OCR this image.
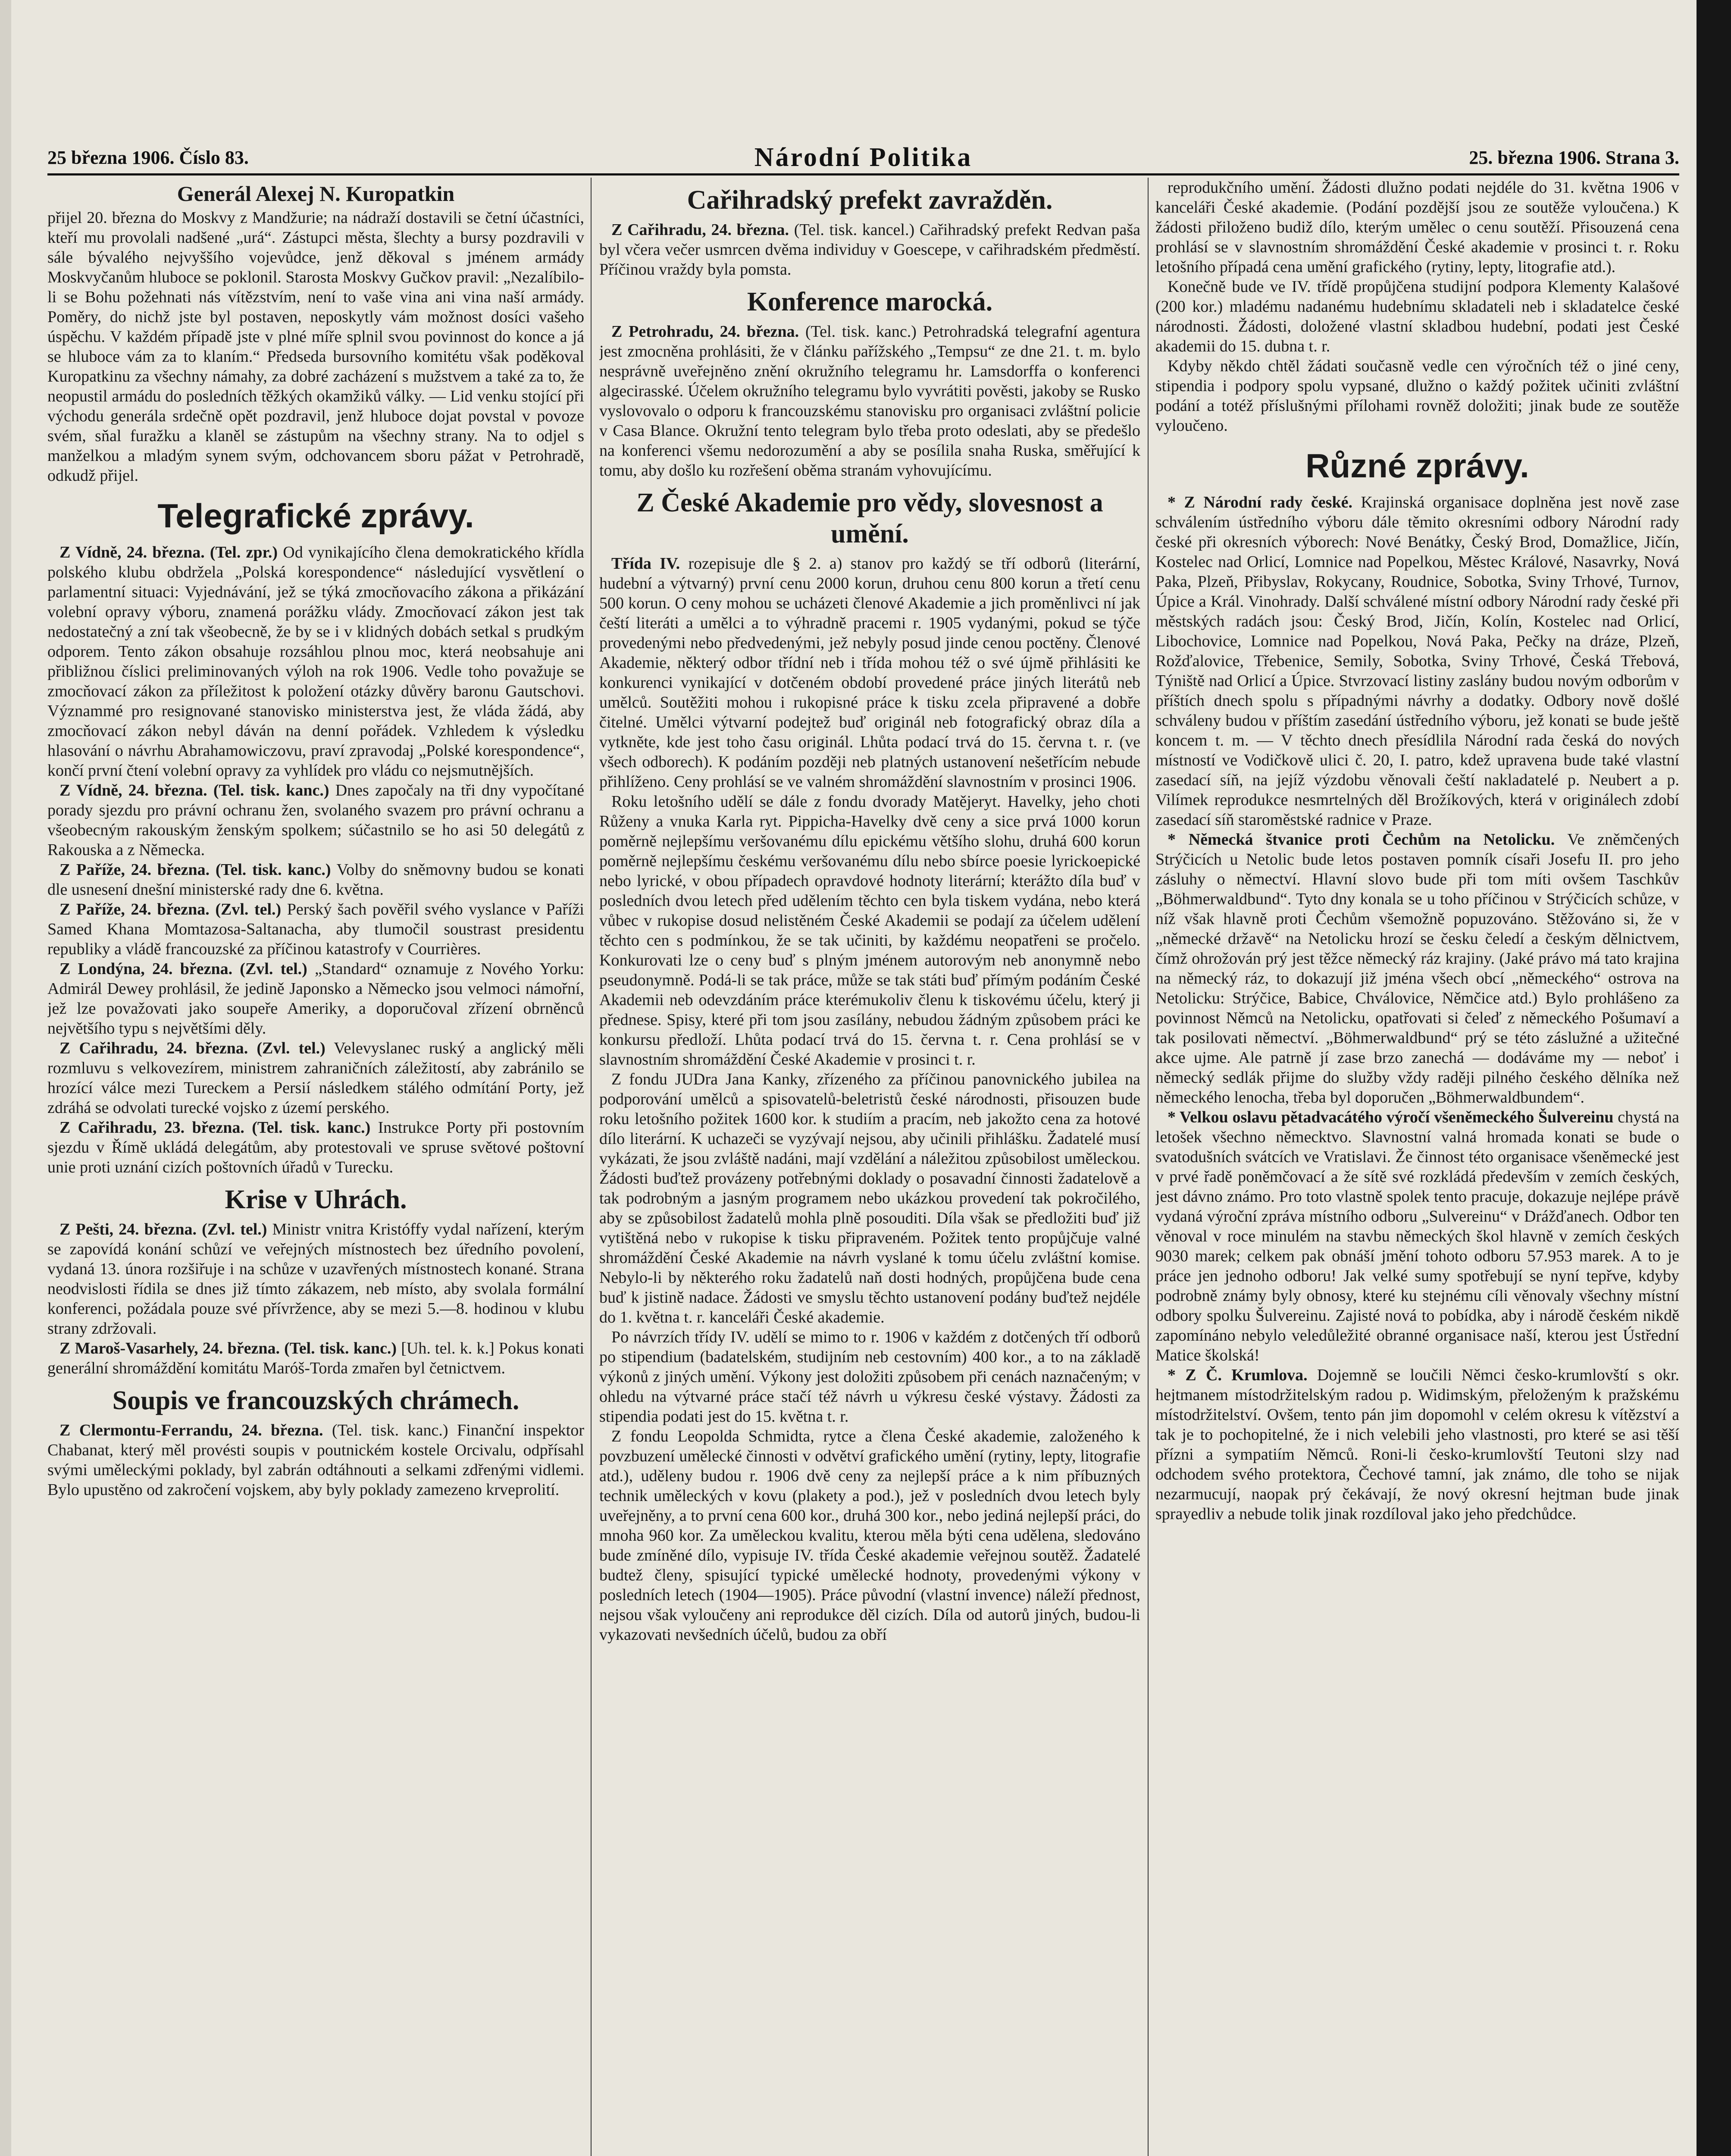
25 března 1906. Číslo 83.	Národní Politika	25. března 1906. Strana 3.
Generál Alexej N. Kuropatkin

přijel 20. března do Moskvy z Mandžurie; na nádraží dostavili se četní účastníci, kteří mu provolali nadšené „urá“. Zástupci města, šlechty a bursy pozdravili v sále bývalého nejvyššího vojevůdce, jenž děkoval s jménem armády Moskvyčanům hluboce se poklonil. Starosta Moskvy Gučkov pravil: „Nezalíbilo-li se Bohu požehnati nás vítězstvím, není to vaše vina ani vina naší armády. Poměry, do nichž jste byl postaven, neposkytly vám možnost dosíci vašeho úspěchu. V každém případě jste v plné míře splnil svou povinnost do konce a já se hluboce vám za to klaním.“ Předseda bursovního komitétu však poděkoval Kuropatkinu za všechny námahy, za dobré zacházení s mužstvem a také za to, že neopustil armádu do posledních těžkých okamžiků války. — Lid venku stojící při východu generála srdečně opět pozdravil, jenž hluboce dojat povstal v povoze svém, sňal furažku a klaněl se zástupům na všechny strany. Na to odjel s manželkou a mladým synem svým, odchovancem sboru pážat v Petrohradě, odkudž přijel.

Telegrafické zprávy.

Z Vídně, 24. března. (Tel. zpr.) Od vynikajícího člena demokratického křídla polského klubu obdržela „Polská korespondence“ následující vysvětlení o parlamentní situaci: Vyjednávání, jež se týká zmocňovacího zákona a přikázání volební opravy výboru, znamená porážku vlády. Zmocňovací zákon jest tak nedostatečný a zní tak všeobecně, že by se i v klidných dobách setkal s prudkým odporem. Tento zákon obsahuje rozsáhlou plnou moc, která neobsahuje ani přibližnou číslici preliminovaných výloh na rok 1906. Vedle toho považuje se zmocňovací zákon za příležitost k položení otázky důvěry baronu Gautschovi. Význammé pro resignované stanovisko ministerstva jest, že vláda žádá, aby zmocňovací zákon nebyl dáván na denní pořádek. Vzhledem k výsledku hlasování o návrhu Abrahamowiczovu, praví zpravodaj „Polské korespondence“, končí první čtení volební opravy za vyhlídek pro vládu co nejsmutnějších.

Z Vídně, 24. března. (Tel. tisk. kanc.) Dnes započaly na tři dny vypočítané porady sjezdu pro právní ochranu žen, svolaného svazem pro právní ochranu a všeobecným rakouským ženským spolkem; súčastnilo se ho asi 50 delegátů z Rakouska a z Německa.

Z Paříže, 24. března. (Tel. tisk. kanc.) Volby do sněmovny budou se konati dle usnesení dnešní ministerské rady dne 6. května.

Z Paříže, 24. března. (Zvl. tel.) Perský šach pověřil svého vyslance v Paříži Samed Khana Momtazosa-Saltanacha, aby tlumočil soustrast presidentu republiky a vládě francouzské za příčinou katastrofy v Courrières.

Z Londýna, 24. března. (Zvl. tel.) „Standard“ oznamuje z Nového Yorku: Admirál Dewey prohlásil, že jedině Japonsko a Německo jsou velmoci námořní, jež lze považovati jako soupeře Ameriky, a doporučoval zřízení obrněnců největšího typu s největšími děly.

Z Cařihradu, 24. března. (Zvl. tel.) Velevyslanec ruský a anglický měli rozmluvu s velkovezírem, ministrem zahraničních záležitostí, aby zabránilo se hrozící válce mezi Tureckem a Persií následkem stálého odmítání Porty, jež zdráhá se odvolati turecké vojsko z území perského.

Z Cařihradu, 23. března. (Tel. tisk. kanc.) Instrukce Porty při postovním sjezdu v Římě ukládá delegátům, aby protestovali ve spruse světové poštovní unie proti uznání cizích poštovních úřadů v Turecku.

Krise v Uhrách.

Z Pešti, 24. března. (Zvl. tel.) Ministr vnitra Kristóffy vydal nařízení, kterým se zapovídá konání schůzí ve veřejných místnostech bez úředního povolení, vydaná 13. února rozšiřuje i na schůze v uzavřených místnostech konané. Strana neodvislosti řídila se dnes již tímto zákazem, neb místo, aby svolala formální konferenci, požádala pouze své přívržence, aby se mezi 5.—8. hodinou v klubu strany zdržovali.

Z Maroš-Vasarhely, 24. března. (Tel. tisk. kanc.) [Uh. tel. k. k.] Pokus konati generální shromáždění komitátu Maróš-Torda zmařen byl četnictvem.

Soupis ve francouzských chrámech.

Z Clermontu-Ferrandu, 24. března. (Tel. tisk. kanc.) Finanční inspektor Chabanat, který měl provésti soupis v poutnickém kostele Orcivalu, odpřísahl svými uměleckými poklady, byl zabrán odtáhnouti a selkami zdřenými vidlemi. Bylo upustěno od zakročení vojskem, aby byly poklady zamezeno krveprolití.

Cařihradský prefekt zavražděn.

Z Cařihradu, 24. března. (Tel. tisk. kancel.) Cařihradský prefekt Redvan paša byl včera večer usmrcen dvěma individuy v Goescepe, v cařihradském předměstí. Příčinou vraždy byla pomsta.

Konference marocká.

Z Petrohradu, 24. března. (Tel. tisk. kanc.) Petrohradská telegrafní agentura jest zmocněna prohlásiti, že v článku pařížského „Tempsu“ ze dne 21. t. m. bylo nesprávně uveřejněno znění okružního telegramu hr. Lamsdorffa o konferenci algecirasské. Účelem okružního telegramu bylo vyvrátiti pověsti, jakoby se Rusko vyslovovalo o odporu k francouzskému stanovisku pro organisaci zvláštní policie v Casa Blance. Okružní tento telegram bylo třeba proto odeslati, aby se předešlo na konferenci všemu nedorozumění a aby se posílila snaha Ruska, směřující k tomu, aby došlo ku rozřešení oběma stranám vyhovujícímu.

Z České Akademie pro vědy, slovesnost a umění.

Třída IV. rozepisuje dle § 2. a) stanov pro každý se tří odborů (literární, hudební a výtvarný) první cenu 2000 korun, druhou cenu 800 korun a třetí cenu 500 korun. O ceny mohou se ucházeti členové Akademie a jich proměnlivci ní jak čeští literáti a umělci a to výhradně pracemi r. 1905 vydanými, pokud se týče provedenými nebo předvedenými, jež nebyly posud jinde cenou poctěny. Členové Akademie, některý odbor třídní neb i třída mohou též o své újmě přihlásiti ke konkurenci vynikající v dotčeném období provedené práce jiných literátů neb umělců. Soutěžiti mohou i rukopisné práce k tisku zcela připravené a dobře čitelné. Umělci výtvarní podejtež buď originál neb fotografický obraz díla a vytkněte, kde jest toho času originál. Lhůta podací trvá do 15. června t. r. (ve všech odborech). K podáním později neb platných ustanovení nešetřícím nebude přihlíženo. Ceny prohlásí se ve valném shromáždění slavnostním v prosinci 1906.

Roku letošního udělí se dále z fondu dvorady Matějeryt. Havelky, jeho choti Růženy a vnuka Karla ryt. Pippicha-Havelky dvě ceny a sice prvá 1000 korun poměrně nejlepšímu veršovanému dílu epickému většího slohu, druhá 600 korun poměrně nejlepšímu českému veršovanému dílu nebo sbírce poesie lyrickoepické nebo lyrické, v obou případech opravdové hodnoty literární; kterážto díla buď v posledních dvou letech před udělením těchto cen byla tiskem vydána, nebo která vůbec v rukopise dosud nelistěném České Akademii se podají za účelem udělení těchto cen s podmínkou, že se tak učiniti, by každému neopatřeni se pročelo. Konkurovati lze o ceny buď s plným jménem autorovým neb anonymně nebo pseudonymně. Podá-li se tak práce, může se tak státi buď přímým podáním České Akademii neb odevzdáním práce kterémukoliv členu k tiskovému účelu, který ji přednese. Spisy, které při tom jsou zasílány, nebudou žádným způsobem práci ke konkursu předloží. Lhůta podací trvá do 15. června t. r. Cena prohlásí se v slavnostním shromáždění České Akademie v prosinci t. r.

Z fondu JUDra Jana Kanky, zřízeného za příčinou panovnického jubilea na podporování umělců a spisovatelů-beletristů české národnosti, přisouzen bude roku letošního požitek 1600 kor. k studiím a pracím, neb jakožto cena za hotové dílo literární. K uchazeči se vyzývají nejsou, aby učinili přihlášku. Žadatelé musí vykázati, že jsou zvláště nadáni, mají vzdělání a náležitou způsobilost uměleckou. Žádosti buďtež provázeny potřebnými doklady o posavadní činnosti žadatelově a tak podrobným a jasným programem nebo ukázkou provedení tak pokročilého, aby se způsobilost žadatelů mohla plně posouditi. Díla však se předložiti buď již vytištěná nebo v rukopise k tisku připraveném. Požitek tento propůjčuje valné shromáždění České Akademie na návrh vyslané k tomu účelu zvláštní komise. Nebylo-li by některého roku žadatelů naň dosti hodných, propůjčena bude cena buď k jistině nadace. Žádosti ve smyslu těchto ustanovení podány buďtež nejdéle do 1. května t. r. kanceláři České akademie.

Po návrzích třídy IV. udělí se mimo to r. 1906 v každém z dotčených tří odborů po stipendium (badatelském, studijním neb cestovním) 400 kor., a to na základě výkonů z jiných umění. Výkony jest doložiti způsobem při cenách naznačeným; v ohledu na výtvarné práce stačí též návrh u výkresu české výstavy. Žádosti za stipendia podati jest do 15. května t. r.

Z fondu Leopolda Schmidta, rytce a člena České akademie, založeného k povzbuzení umělecké činnosti v odvětví grafického umění (rytiny, lepty, litografie atd.), uděleny budou r. 1906 dvě ceny za nejlepší práce a k nim příbuzných technik uměleckých v kovu (plakety a pod.), jež v posledních dvou letech byly uveřejněny, a to první cena 600 kor., druhá 300 kor., nebo jediná nejlepší práci, do mnoha 960 kor. Za uměleckou kvalitu, kterou měla býti cena udělena, sledováno bude zmíněné dílo, vypisuje IV. třída České akademie veřejnou soutěž. Žadatelé budtež členy, spisující typické umělecké hodnoty, provedenými výkony v posledních letech (1904—1905). Práce původní (vlastní invence) náleží přednost, nejsou však vyloučeny ani reprodukce děl cizích. Díla od autorů jiných, budou-li vykazovati nevšedních účelů, budou za obří

reprodukčního umění. Žádosti dlužno podati nejdéle do 31. května 1906 v kanceláři České akademie. (Podání pozdější jsou ze soutěže vyloučena.) K žádosti přiloženo budiž dílo, kterým umělec o cenu soutěží. Přisouzená cena prohlásí se v slavnostním shromáždění České akademie v prosinci t. r. Roku letošního případá cena umění grafického (rytiny, lepty, litografie atd.).

Konečně bude ve IV. třídě propůjčena studijní podpora Klementy Kalašové (200 kor.) mladému nadanému hudebnímu skladateli neb i skladatelce české národnosti. Žádosti, doložené vlastní skladbou hudební, podati jest České akademii do 15. dubna t. r.

Kdyby někdo chtěl žádati současně vedle cen výročních též o jiné ceny, stipendia i podpory spolu vypsané, dlužno o každý požitek učiniti zvláštní podání a totéž příslušnými přílohami rovněž doložiti; jinak bude ze soutěže vyloučeno.

Různé zprávy.

* Z Národní rady české. Krajinská organisace doplněna jest nově zase schválením ústředního výboru dále těmito okresními odbory Národní rady české při okresních výborech: Nové Benátky, Český Brod, Domažlice, Jičín, Kostelec nad Orlicí, Lomnice nad Popelkou, Městec Králové, Nasavrky, Nová Paka, Plzeň, Přibyslav, Rokycany, Roudnice, Sobotka, Sviny Trhové, Turnov, Úpice a Král. Vinohrady. Další schválené místní odbory Národní rady české při městských radách jsou: Český Brod, Jičín, Kolín, Kostelec nad Orlicí, Libochovice, Lomnice nad Popelkou, Nová Paka, Pečky na dráze, Plzeň, Rožďalovice, Třebenice, Semily, Sobotka, Sviny Trhové, Česká Třebová, Týniště nad Orlicí a Úpice. Stvrzovací listiny zaslány budou novým odborům v příštích dnech spolu s případnými návrhy a dodatky. Odbory nově došlé schváleny budou v příštím zasedání ústředního výboru, jež konati se bude ještě koncem t. m. — V těchto dnech přesídlila Národní rada česká do nových místností ve Vodičkově ulici č. 20, I. patro, kdež upravena bude také vlastní zasedací síň, na jejíž výzdobu věnovali čeští nakladatelé p. Neubert a p. Vilímek reprodukce nesmrtelných děl Brožíkových, která v originálech zdobí zasedací síň staroměstské radnice v Praze.

* Německá štvanice proti Čechům na Netolicku. Ve zněmčených Strýčicích u Netolic bude letos postaven pomník císaři Josefu II. pro jeho zásluhy o němectví. Hlavní slovo bude při tom míti ovšem Taschkův „Böhmerwaldbund“. Tyto dny konala se u toho příčinou v Strýčicích schůze, v níž však hlavně proti Čechům všemožně popuzováno. Stěžováno si, že v „německé državě“ na Netolicku hrozí se česku čeledí a českým dělnictvem, čímž ohrožován prý jest těžce německý ráz krajiny. (Jaké právo má tato krajina na německý ráz, to dokazují již jména všech obcí „německého“ ostrova na Netolicku: Strýčice, Babice, Chválovice, Němčice atd.) Bylo prohlášeno za povinnost Němců na Netolicku, opatřovati si čeleď z německého Pošumaví a tak posilovati němectví. „Böhmerwaldbund“ prý se této záslužné a užitečné akce ujme. Ale patrně jí zase brzo zanechá — dodáváme my — neboť i německý sedlák přijme do služby vždy raději pilného českého dělníka než německého lenocha, třeba byl doporučen „Böhmerwaldbundem“.

* Velkou oslavu pětadvacátého výročí všeněmeckého Šulvereinu chystá na letošek všechno německtvo. Slavnostní valná hromada konati se bude o svatodušních svátcích ve Vratislavi. Že činnost této organisace všeněmecké jest v prvé řadě poněmčovací a že sítě své rozkládá především v zemích českých, jest dávno známo. Pro toto vlastně spolek tento pracuje, dokazuje nejlépe právě vydaná výroční zpráva místního odboru „Sulvereinu“ v Drážďanech. Odbor ten věnoval v roce minulém na stavbu německých škol hlavně v zemích českých 9030 marek; celkem pak obnáší jmění tohoto odboru 57.953 marek. A to je práce jen jednoho odboru! Jak velké sumy spotřebují se nyní tepřve, kdyby podrobně známy byly obnosy, které ku stejnému cíli věnovaly všechny místní odbory spolku Šulvereinu. Zajisté nová to pobídka, aby i národě českém nikdě zapomínáno nebylo veledůležité obranné organisace naší, kterou jest Ústřední Matice školská!

* Z Č. Krumlova. Dojemně se loučili Němci česko-krumlovští s okr. hejtmanem místodržitelským radou p. Widimským, přeloženým k pražskému místodržitelství. Ovšem, tento pán jim dopomohl v celém okresu k vítězství a tak je to pochopitelné, že i nich velebili jeho vlastnosti, pro které se asi těší přízni a sympatiím Němců. Roni-li česko-krumlovští Teutoni slzy nad odchodem svého protektora, Čechové tamní, jak známo, dle toho se nijak nezarmucují, naopak prý čekávají, že nový okresní hejtman bude jinak sprayedliv a nebude tolik jinak rozdíloval jako jeho předchůdce.
